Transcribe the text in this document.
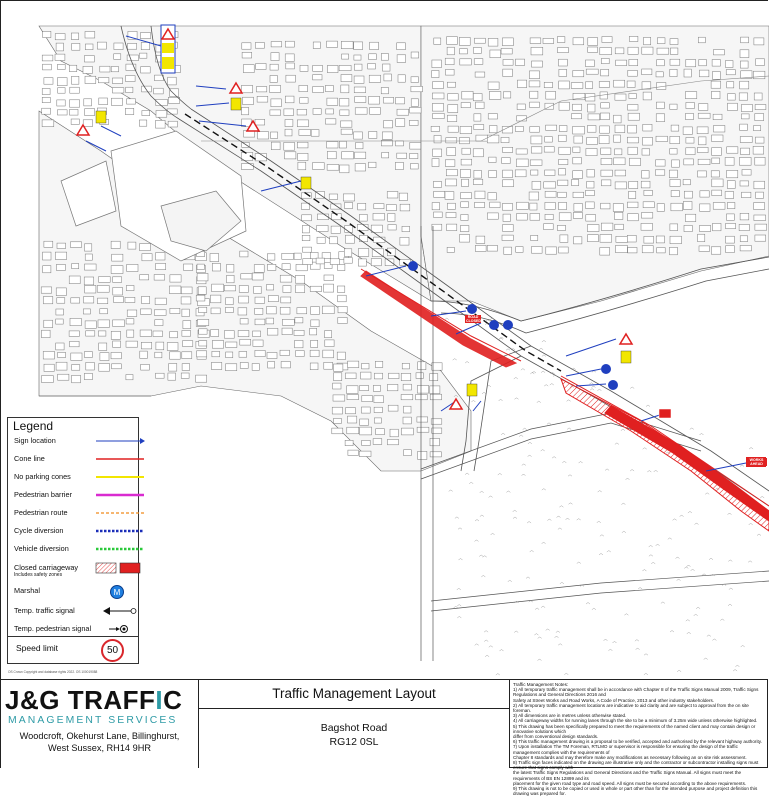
OS Crown Copyright and database rights 2022. OS 100019088
Legend
Sign location
Cone line
No parking cones
Pedestrian barrier
Pedestrian route
Cycle diversion
Vehicle diversion
Closed carriageway
Includes safety zones
Marshal	M
Temp. traffic signal
Temp. pedestrian signal
Speed limit	50
J&G TRAFFIC
MANAGEMENT SERVICES
Woodcroft, Okehurst Lane, Billinghurst,
West Sussex, RH14 9HR
Traffic Management Layout
Bagshot Road
RG12 0SL
Traffic Management Notes:
1) All temporary traffic management shall be in accordance with Chapter 8 of the Traffic Signs Manual 2009, Traffic Signs Regulations and General Directions 2016 and
Safety at Street Works and Road Works, A Code of Practice, 2013 and other industry stakeholders.
2) All temporary traffic management locations are indicative to aid clarity and are subject to approval from the on site foreman.
3) All dimensions are in metres unless otherwise stated.
4) All carriageway widths for running lanes through the site to be a minimum of 3.25m wide unless otherwise highlighted.
5) This drawing has been specifically prepared to meet the requirements of the named client and may contain design or innovative solutions which
differ from conventional design standards.
6) This traffic management drawing is a proposal to be verified, accepted and authorised by the relevant highway authority.
7) Upon installation The TM Foreman, RTLMO or supervisor is responsible for ensuring the design of the traffic management complies with the requirements of
Chapter 8 standards and may therefore make any modifications as necessary following an on site risk assessment.
8) Traffic sign faces indicated on the drawing are illustrative only and the contractor or subcontractor installing signs must ensure that signs comply with
the latest Traffic Signs Regulations and General Directions and the Traffic Signs Manual. All signs must meet the requirements of BS EN 12899 and its
placement for the given road type and road speed. All signs must be secured according to the above requirements.
9) This drawing is not to be copied or used in whole or part other than for the intended purpose and project definition this drawing was prepared for.
ROAD CLOSED
WORKS AHEAD
